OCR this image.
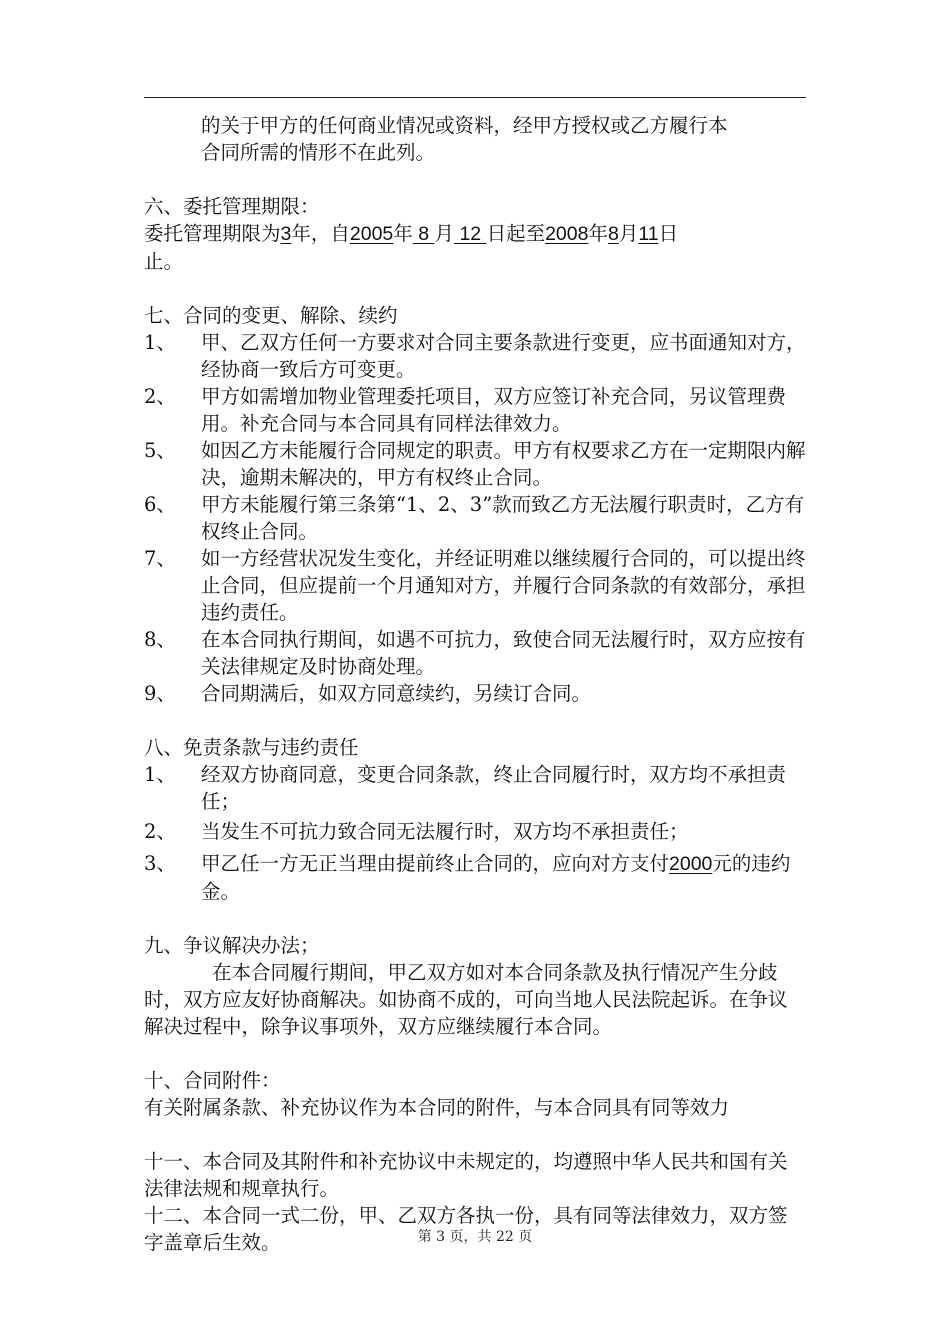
的关于甲方的任何商业情况或资料，经甲方授权或乙方履行本

合同所需的情形不在此列。

六、委托管理期限：

委托管理期限为3年，自2005年 8 月 12 日起至2008年8月11日

止。

七、合同的变更、解除、续约

1、	甲、乙双方任何一方要求对合同主要条款进行变更，应书面通知对方，经协商一致后方可变更。
2、	甲方如需增加物业管理委托项目，双方应签订补充合同，另议管理费用。补充合同与本合同具有同样法律效力。
5、	如因乙方未能履行合同规定的职责。甲方有权要求乙方在一定期限内解决，逾期未解决的，甲方有权终止合同。
6、	甲方未能履行第三条第“1、2、3”款而致乙方无法履行职责时，乙方有权终止合同。
7、	如一方经营状况发生变化，并经证明难以继续履行合同的，可以提出终止合同，但应提前一个月通知对方，并履行合同条款的有效部分，承担违约责任。
8、	在本合同执行期间，如遇不可抗力，致使合同无法履行时，双方应按有关法律规定及时协商处理。
9、	合同期满后，如双方同意续约，另续订合同。

八、免责条款与违约责任

1、	经双方协商同意，变更合同条款，终止合同履行时，双方均不承担责任；
2、	当发生不可抗力致合同无法履行时，双方均不承担责任；
3、	甲乙任一方无正当理由提前终止合同的，应向对方支付2000元的违约金。

九、争议解决办法；

在本合同履行期间，甲乙双方如对本合同条款及执行情况产生分歧时，双方应友好协商解决。如协商不成的，可向当地人民法院起诉。在争议解决过程中，除争议事项外，双方应继续履行本合同。

十、合同附件：

有关附属条款、补充协议作为本合同的附件，与本合同具有同等效力

十一、本合同及其附件和补充协议中未规定的，均遵照中华人民共和国有关法律法规和规章执行。

十二、本合同一式二份，甲、乙双方各执一份，具有同等法律效力，双方签字盖章后生效。	第 3 页，共 22 页
